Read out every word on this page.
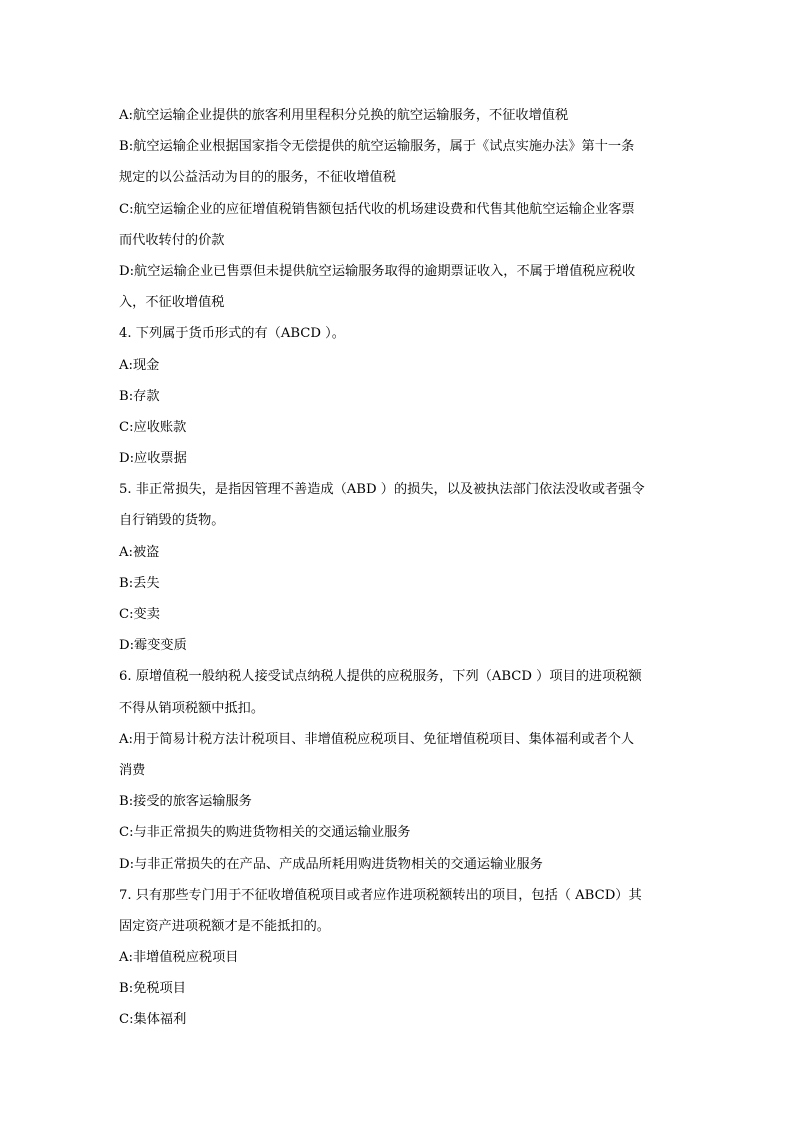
A:航空运输企业提供的旅客利用里程积分兑换的航空运输服务，不征收增值税
B:航空运输企业根据国家指令无偿提供的航空运输服务，属于《试点实施办法》第十一条
规定的以公益活动为目的的服务，不征收增值税
C:航空运输企业的应征增值税销售额包括代收的机场建设费和代售其他航空运输企业客票
而代收转付的价款
D:航空运输企业已售票但未提供航空运输服务取得的逾期票证收入，不属于增值税应税收
入，不征收增值税
4. 下列属于货币形式的有（ABCD ）。
A:现金
B:存款
C:应收账款
D:应收票据
5. 非正常损失，是指因管理不善造成（ABD ）的损失，以及被执法部门依法没收或者强令
自行销毁的货物。
A:被盗
B:丢失
C:变卖
D:霉变变质
6. 原增值税一般纳税人接受试点纳税人提供的应税服务，下列（ABCD ）项目的进项税额
不得从销项税额中抵扣。
A:用于简易计税方法计税项目、非增值税应税项目、免征增值税项目、集体福利或者个人
消费
B:接受的旅客运输服务
C:与非正常损失的购进货物相关的交通运输业服务
D:与非正常损失的在产品、产成品所耗用购进货物相关的交通运输业服务
7. 只有那些专门用于不征收增值税项目或者应作进项税额转出的项目，包括（ ABCD）其
固定资产进项税额才是不能抵扣的。
A:非增值税应税项目
B:免税项目
C:集体福利
